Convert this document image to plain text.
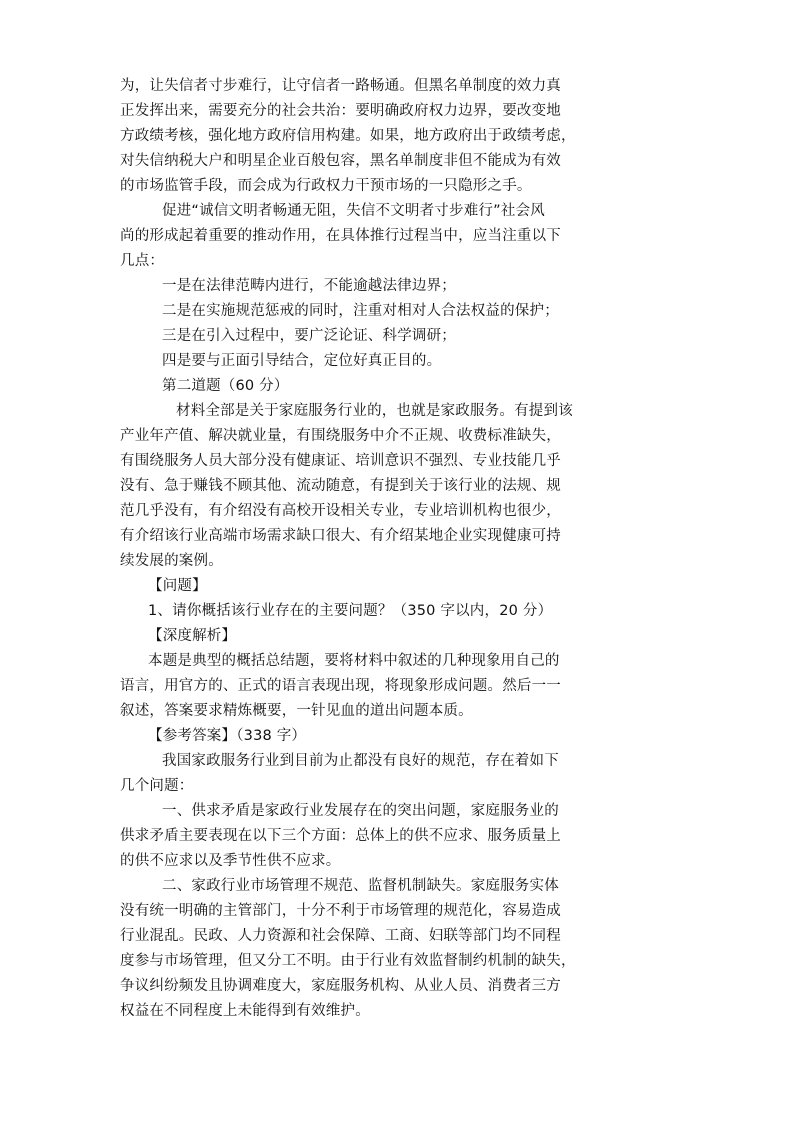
为，让失信者寸步难行，让守信者一路畅通。但黑名单制度的效力真
正发挥出来，需要充分的社会共治：要明确政府权力边界，要改变地
方政绩考核，强化地方政府信用构建。如果，地方政府出于政绩考虑，
对失信纳税大户和明星企业百般包容，黑名单制度非但不能成为有效
的市场监管手段，而会成为行政权力干预市场的一只隐形之手。
促进“诚信文明者畅通无阻，失信不文明者寸步难行”社会风
尚的形成起着重要的推动作用，在具体推行过程当中，应当注重以下
几点：
一是在法律范畴内进行，不能逾越法律边界；
二是在实施规范惩戒的同时，注重对相对人合法权益的保护；
三是在引入过程中，要广泛论证、科学调研；
四是要与正面引导结合，定位好真正目的。
第二道题（60 分）
材料全部是关于家庭服务行业的，也就是家政服务。有提到该
产业年产值、解决就业量，有围绕服务中介不正规、收费标准缺失，
有围绕服务人员大部分没有健康证、培训意识不强烈、专业技能几乎
没有、急于赚钱不顾其他、流动随意，有提到关于该行业的法规、规
范几乎没有，有介绍没有高校开设相关专业，专业培训机构也很少，
有介绍该行业高端市场需求缺口很大、有介绍某地企业实现健康可持
续发展的案例。
【问题】
1、请你概括该行业存在的主要问题？（350 字以内，20 分）
【深度解析】
本题是典型的概括总结题，要将材料中叙述的几种现象用自己的
语言，用官方的、正式的语言表现出现，将现象形成问题。然后一一
叙述，答案要求精炼概要，一针见血的道出问题本质。
【参考答案】（338 字）
我国家政服务行业到目前为止都没有良好的规范，存在着如下
几个问题：
一、供求矛盾是家政行业发展存在的突出问题，家庭服务业的
供求矛盾主要表现在以下三个方面：总体上的供不应求、服务质量上
的供不应求以及季节性供不应求。
二、家政行业市场管理不规范、监督机制缺失。家庭服务实体
没有统一明确的主管部门，十分不利于市场管理的规范化，容易造成
行业混乱。民政、人力资源和社会保障、工商、妇联等部门均不同程
度参与市场管理，但又分工不明。由于行业有效监督制约机制的缺失，
争议纠纷频发且协调难度大，家庭服务机构、从业人员、消费者三方
权益在不同程度上未能得到有效维护。
